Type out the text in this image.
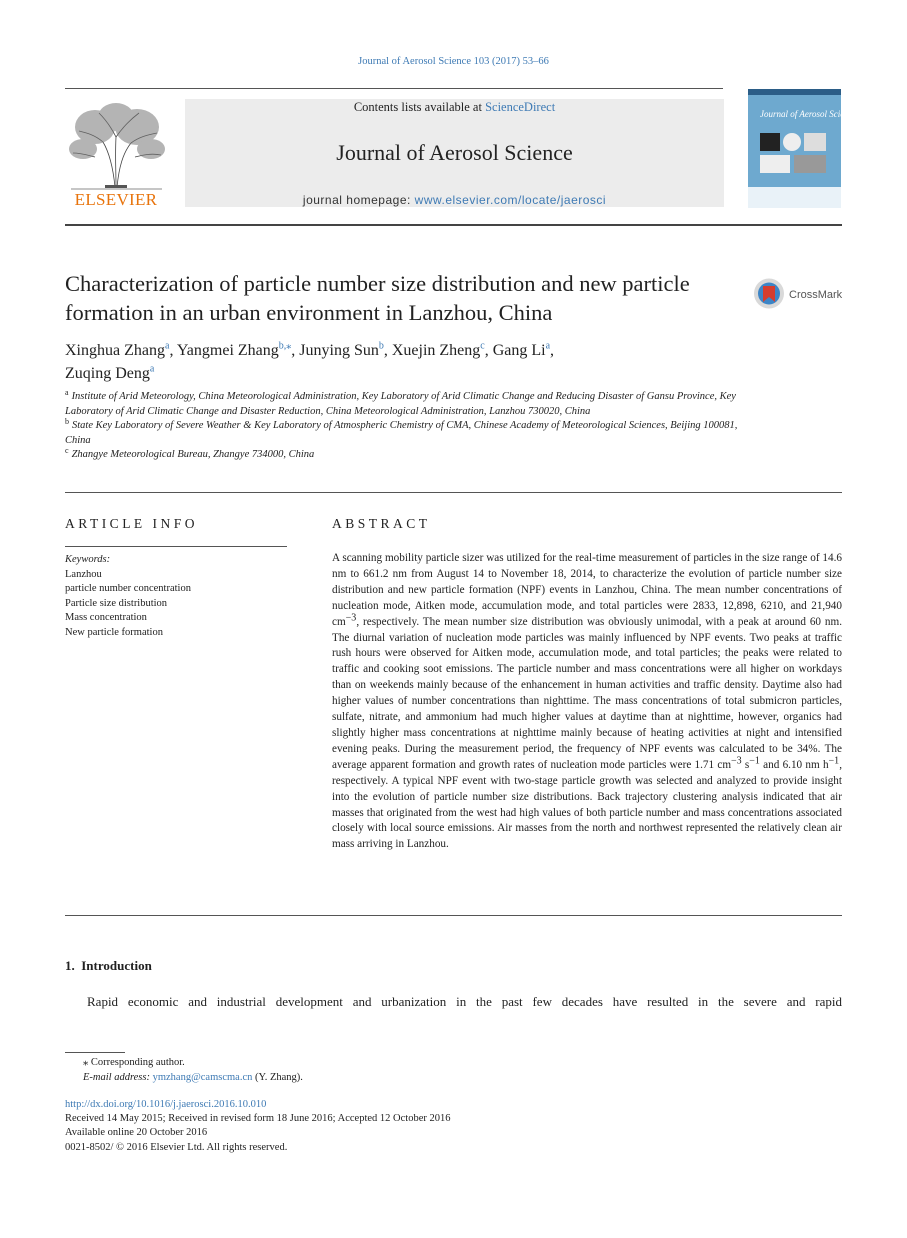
Journal of Aerosol Science 103 (2017) 53–66
ELSEVIER
Contents lists available at ScienceDirect
Journal of Aerosol Science
journal homepage: www.elsevier.com/locate/jaerosci
Journal of Aerosol Science
Characterization of particle number size distribution and new particle formation in an urban environment in Lanzhou, China
CrossMark
Xinghua Zhang$^a$, Yangmei Zhang$^{b,⁎}$, Junying Sun$^b$, Xuejin Zheng$^c$, Gang Li$^a$,
Zuqing Deng$^a$

$^a$ Institute of Arid Meteorology, China Meteorological Administration, Key Laboratory of Arid Climatic Change and Reducing Disaster of Gansu Province, Key Laboratory of Arid Climatic Change and Disaster Reduction, China Meteorological Administration, Lanzhou 730020, China

$^b$ State Key Laboratory of Severe Weather & Key Laboratory of Atmospheric Chemistry of CMA, Chinese Academy of Meteorological Sciences, Beijing 100081, China

$^c$ Zhangye Meteorological Bureau, Zhangye 734000, China

ARTICLE INFO
Keywords:
Lanzhou
particle number concentration
Particle size distribution
Mass concentration
New particle formation
ABSTRACT
A scanning mobility particle sizer was utilized for the real-time measurement of particles in the size range of 14.6 nm to 661.2 nm from August 14 to November 18, 2014, to characterize the evolution of particle number size distribution and new particle formation (NPF) events in Lanzhou, China. The mean number concentrations of nucleation mode, Aitken mode, accumulation mode, and total particles were 2833, 12,898, 6210, and 21,940 $cm^{-3}$, respectively. The mean number size distribution was obviously unimodal, with a peak at around 60 nm. The diurnal variation of nucleation mode particles was mainly influenced by NPF events. Two peaks at traffic rush hours were observed for Aitken mode, accumulation mode, and total particles; the peaks were related to traffic and cooking soot emissions. The particle number and mass concentrations were all higher on workdays than on weekends mainly because of the enhancement in human activities and traffic density. Daytime also had higher values of number concentrations than nighttime. The mass concentrations of total submicron particles, sulfate, nitrate, and ammonium had much higher values at daytime than at nighttime, however, organics had slightly higher mass concentrations at nighttime mainly because of heating activities at night and intensified evening peaks. During the measurement period, the frequency of NPF events was calculated to be 34%. The average apparent formation and growth rates of nucleation mode particles were 1.71 $cm^{-3}$ $s^{-1}$ and 6.10 nm $h^{-1}$, respectively. A typical NPF event with two-stage particle growth was selected and analyzed to provide insight into the evolution of particle number size distributions. Back trajectory clustering analysis indicated that air masses that originated from the west had high values of both particle number and mass concentrations associated closely with local source emissions. Air masses from the north and northwest represented the relatively clean air mass arriving in Lanzhou.
1.  Introduction
Rapid economic and industrial development and urbanization in the past few decades have resulted in the severe and rapid
⁎ Corresponding author.
E-mail address: ymzhang@camscma.cn (Y. Zhang).
http://dx.doi.org/10.1016/j.jaerosci.2016.10.010
Received 14 May 2015; Received in revised form 18 June 2016; Accepted 12 October 2016
Available online 20 October 2016
0021-8502/ © 2016 Elsevier Ltd. All rights reserved.
